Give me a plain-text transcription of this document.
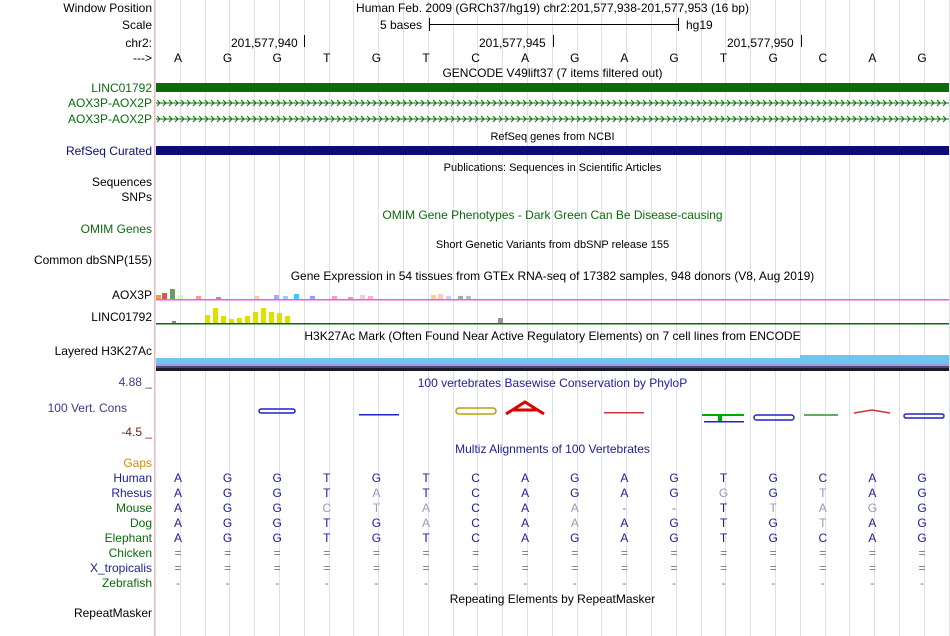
Window Position	Human Feb. 2009 (GRCh37/hg19) chr2:201,577,938-201,577,953 (16 bp)
Scale	5 bases	hg19
chr2:	201,577,940	201,577,945	201,577,950
--->	A	G	G	T	G	T	C	A	G	A	G	T	G	C	A	G
GENCODE V49lift37 (7 items filtered out)
LINC01792
AOX3P-AOX2P
AOX3P-AOX2P
RefSeq genes from NCBI
RefSeq Curated
Publications: Sequences in Scientific Articles
Sequences
SNPs
OMIM Gene Phenotypes - Dark Green Can Be Disease-causing
OMIM Genes
Short Genetic Variants from dbSNP release 155
Common dbSNP(155)
Gene Expression in 54 tissues from GTEx RNA-seq of 17382 samples, 948 donors (V8, Aug 2019)
AOX3P
LINC01792
H3K27Ac Mark (Often Found Near Active Regulatory Elements) on 7 cell lines from ENCODE
Layered H3K27Ac
100 vertebrates Basewise Conservation by PhyloP
4.88 _
100 Vert. Cons
-4.5 _
Multiz Alignments of 100 Vertebrates
Gaps
Human	A	G	G	T	G	T	C	A	G	A	G	T	G	C	A	G
Rhesus	A	G	G	T	A	T	C	A	G	A	G	G	G	T	A	G
Mouse	A	G	G	C	T	A	C	A	A	-	-	T	T	A	G	G
Dog	A	G	G	T	G	A	C	A	A	A	G	T	G	T	A	G
Elephant	A	G	G	T	G	T	C	A	G	A	G	T	G	C	A	G
Chicken	=	=	=	=	=	=	=	=	=	=	=	=	=	=	=	=
X_tropicalis	=	=	=	=	=	=	=	=	=	=	=	=	=	=	=	=
Zebrafish	-	-	-	-	-	-	-	-	-	-	-	-	-	-	-	-
Repeating Elements by RepeatMasker
RepeatMasker
